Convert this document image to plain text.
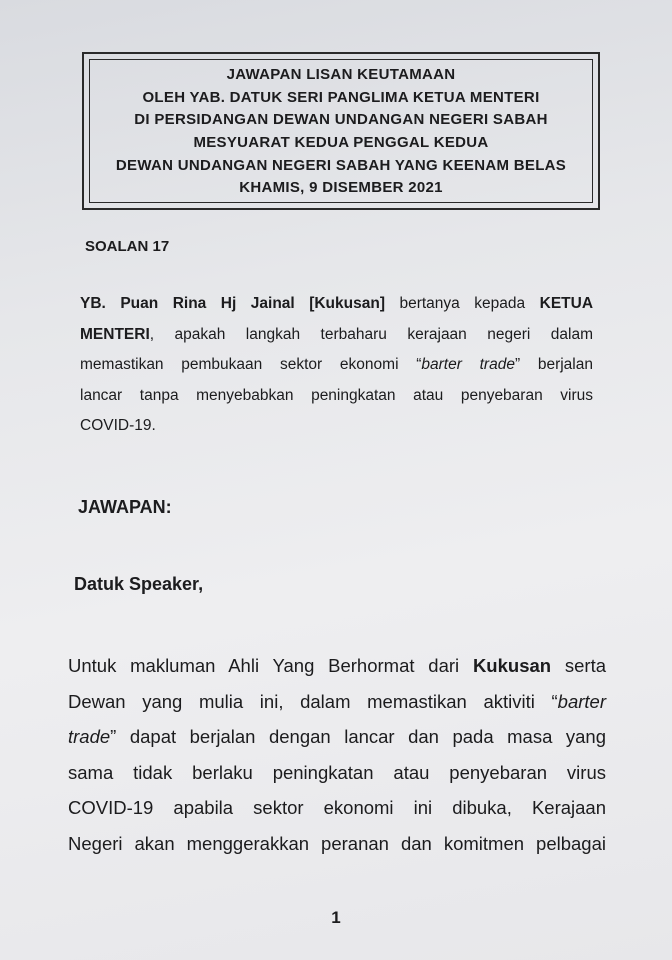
JAWAPAN LISAN KEUTAMAAN
OLEH YAB. DATUK SERI PANGLIMA KETUA MENTERI
DI PERSIDANGAN DEWAN UNDANGAN NEGERI SABAH
MESYUARAT KEDUA PENGGAL KEDUA
DEWAN UNDANGAN NEGERI SABAH YANG KEENAM BELAS
KHAMIS, 9 DISEMBER 2021
SOALAN 17
YB. Puan Rina Hj Jainal [Kukusan] bertanya kepada KETUA
MENTERI, apakah langkah terbaharu kerajaan negeri dalam
memastikan pembukaan sektor ekonomi “barter trade” berjalan
lancar tanpa menyebabkan peningkatan atau penyebaran virus
COVID-19.
JAWAPAN:
Datuk Speaker,
Untuk makluman Ahli Yang Berhormat dari Kukusan serta
Dewan yang mulia ini, dalam memastikan aktiviti “barter
trade” dapat berjalan dengan lancar dan pada masa yang
sama tidak berlaku peningkatan atau penyebaran virus
COVID-19 apabila sektor ekonomi ini dibuka, Kerajaan
Negeri akan menggerakkan peranan dan komitmen pelbagai
1
